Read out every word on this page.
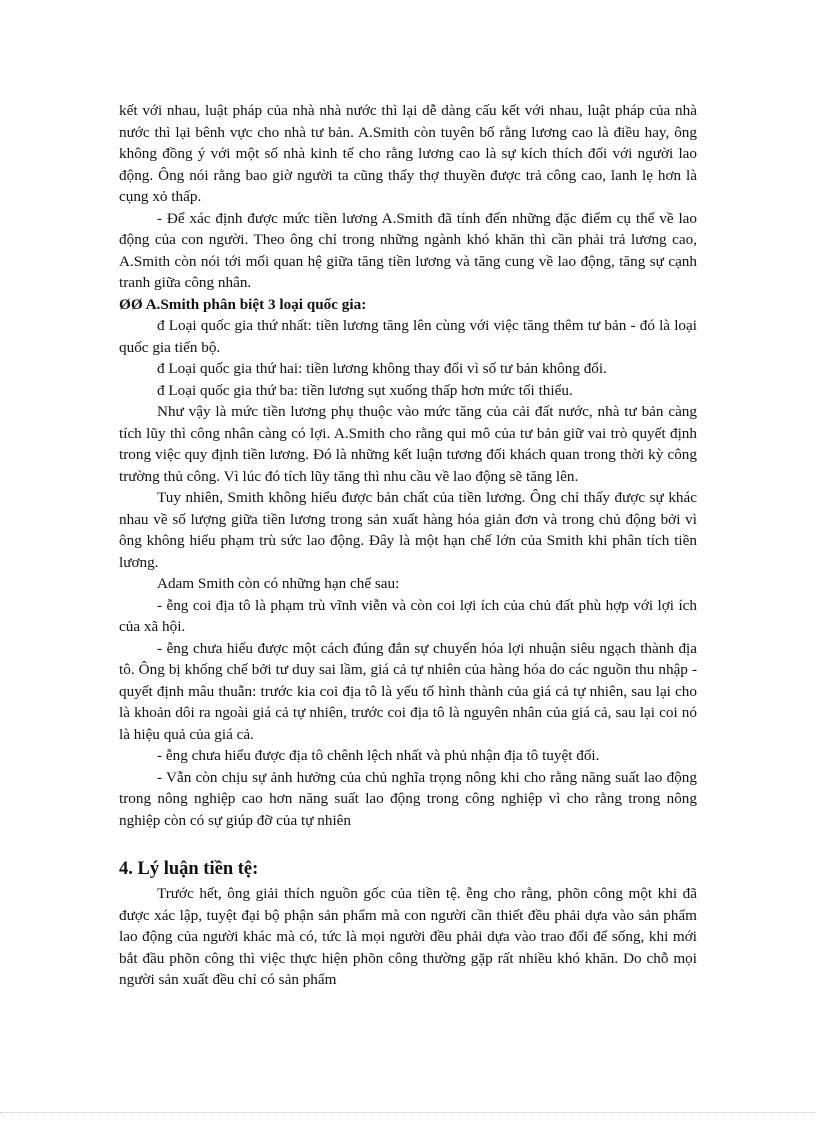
kết với nhau, luật pháp của nhà nhà nước thì lại dễ dàng cấu kết với nhau, luật pháp của nhà nước thì lại bênh vực cho nhà tư bản. A.Smith còn tuyên bố rằng lương cao là điều hay, ông không đồng ý với một số nhà kinh tế cho rằng lương cao là sự kích thích đối với người lao động. Ông nói rằng bao giờ người ta cũng thấy thợ thuyền được trả công cao, lanh lẹ hơn là cụng xỏ thấp.

- Để xác định được mức tiền lương A.Smith đã tính đến những đặc điểm cụ thể về lao động của con người. Theo ông chỉ trong những ngành khó khăn thì cần phải trả lương cao, A.Smith còn nói tới mối quan hệ giữa tăng tiền lương và tăng cung về lao động, tăng sự cạnh tranh giữa công nhân.

ØØ A.Smith phân biệt 3 loại quốc gia:

đ Loại quốc gia thứ nhất: tiền lương tăng lên cùng với việc tăng thêm tư bản - đó là loại quốc gia tiến bộ.

đ Loại quốc gia thứ hai: tiền lương không thay đổi vì số tư bản không đổi.

đ Loại quốc gia thứ ba: tiền lương sụt xuống thấp hơn mức tối thiểu.

Như vậy là mức tiền lương phụ thuộc vào mức tăng của cải đất nước, nhà tư bản càng tích lũy thì công nhân càng có lợi. A.Smith cho rằng qui mô của tư bản giữ vai trò quyết định trong việc quy định tiền lương. Đó là những kết luận tương đối khách quan trong thời kỳ công trường thủ công. Vì lúc đó tích lũy tăng thì nhu cầu về lao động sẽ tăng lên.

Tuy nhiên, Smith không hiểu được bản chất của tiền lương. Ông chỉ thấy được sự khác nhau về số lượng giữa tiền lương trong sản xuất hàng hóa giản đơn và trong chủ động bởi vì ông không hiểu phạm trù sức lao động. Đây là một hạn chế lớn của Smith khi phân tích tiền lương.

Adam Smith còn có những hạn chế sau:

- ễng coi địa tô là phạm trù vĩnh viễn và còn coi lợi ích của chủ đất phù hợp với lợi ích của xã hội.

- ễng chưa hiểu được một cách đúng đắn sự chuyển hóa lợi nhuận siêu ngạch thành địa tô. Ông bị khống chế bởi tư duy sai lầm, giá cả tự nhiên của hàng hóa do các nguồn thu nhập - quyết định mâu thuẫn: trước kia coi địa tô là yếu tố hình thành của giá cả tự nhiên, sau lại cho là khoản dôi ra ngoài giá cả tự nhiên, trước coi địa tô là nguyên nhân của giá cả, sau lại coi nó là hiệu quả của giá cả.

- ễng chưa hiểu được địa tô chênh lệch nhất và phủ nhận địa tô tuyệt đối.

- Vẫn còn chịu sự ảnh hưởng của chủ nghĩa trọng nông khi cho rằng năng suất lao động trong nông nghiệp cao hơn năng suất lao động trong công nghiệp vì cho rằng trong nông nghiệp còn có sự giúp đỡ của tự nhiên

4. Lý luận tiền tệ:

Trước hết, ông giải thích nguồn gốc của tiền tệ. ễng cho rằng, phõn công một khi đã được xác lập, tuyệt đại bộ phận sản phẩm mà con người cần thiết đều phải dựa vào sản phẩm lao động của người khác mà có, tức là mọi người đều phải dựa vào trao đổi để sống, khi mới bắt đầu phõn công thì việc thực hiện phõn công thường gặp rất nhiều khó khăn. Do chỗ mọi người sản xuất đều chỉ có sản phẩm
